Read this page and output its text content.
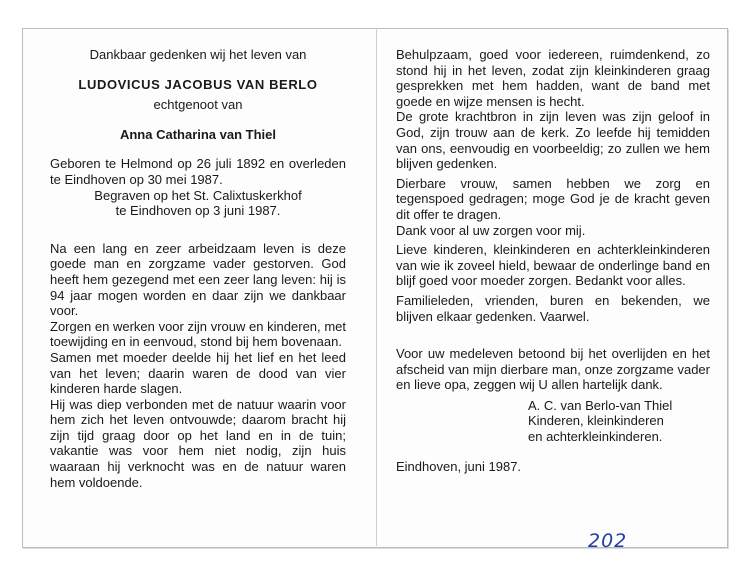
Dankbaar gedenken wij het leven van

LUDOVICUS JACOBUS VAN BERLO

echtgenoot van

Anna Catharina van Thiel

Geboren te Helmond op 26 juli 1892 en overleden te Eindhoven op 30 mei 1987.

Begraven op het St. Calixtuskerkhof

te Eindhoven op 3 juni 1987.

Na een lang en zeer arbeidzaam leven is deze goede man en zorgzame vader gestorven. God heeft hem gezegend met een zeer lang leven: hij is 94 jaar mogen worden en daar zijn we dankbaar voor.

Zorgen en werken voor zijn vrouw en kinderen, met toewijding en in eenvoud, stond bij hem bovenaan.

Samen met moeder deelde hij het lief en het leed van het leven; daarin waren de dood van vier kinderen harde slagen.

Hij was diep verbonden met de natuur waarin voor hem zich het leven ontvouwde; daarom bracht hij zijn tijd graag door op het land en in de tuin; vakantie was voor hem niet nodig, zijn huis waaraan hij verknocht was en de natuur waren hem voldoende.

Behulpzaam, goed voor iedereen, ruimdenkend, zo stond hij in het leven, zodat zijn kleinkinderen graag gesprekken met hem hadden, want de band met goede en wijze mensen is hecht.

De grote krachtbron in zijn leven was zijn geloof in God, zijn trouw aan de kerk. Zo leefde hij temidden van ons, eenvoudig en voorbeeldig; zo zullen we hem blijven gedenken.

Dierbare vrouw, samen hebben we zorg en tegenspoed gedragen; moge God je de kracht geven dit offer te dragen.

Dank voor al uw zorgen voor mij.

Lieve kinderen, kleinkinderen en achterkleinkinderen van wie ik zoveel hield, bewaar de onderlinge band en blijf goed voor moeder zorgen. Bedankt voor alles.

Familieleden, vrienden, buren en bekenden, we blijven elkaar gedenken. Vaarwel.

Voor uw medeleven betoond bij het overlijden en het afscheid van mijn dierbare man, onze zorgzame vader en lieve opa, zeggen wij U allen hartelijk dank.

A. C. van Berlo-van Thiel

Kinderen, kleinkinderen

en achterkleinkinderen.

Eindhoven, juni 1987.

202
